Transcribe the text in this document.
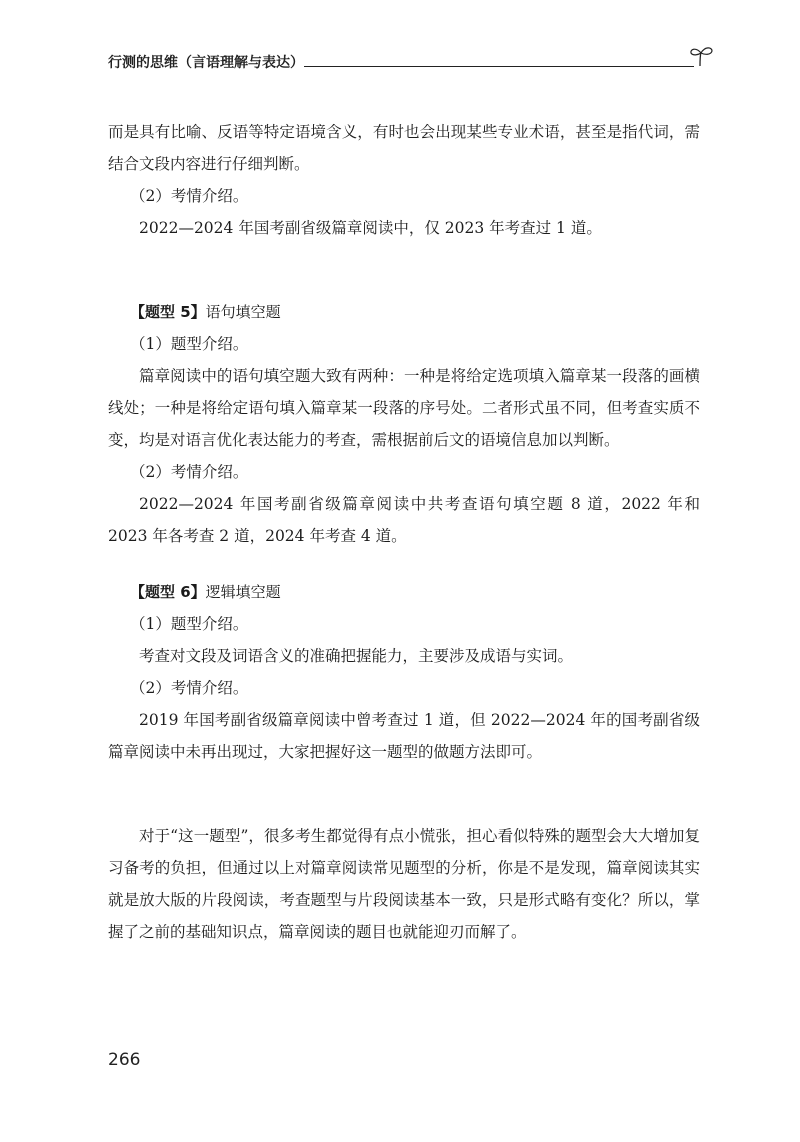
行测的思维（言语理解与表达）

而是具有比喻、反语等特定语境含义，有时也会出现某些专业术语，甚至是指代词，需结合文段内容进行仔细判断。

（2）考情介绍。

2022—2024 年国考副省级篇章阅读中，仅 2023 年考查过 1 道。

【题型 5】语句填空题

（1）题型介绍。

篇章阅读中的语句填空题大致有两种：一种是将给定选项填入篇章某一段落的画横线处；一种是将给定语句填入篇章某一段落的序号处。二者形式虽不同，但考查实质不变，均是对语言优化表达能力的考查，需根据前后文的语境信息加以判断。

（2）考情介绍。

2022—2024 年国考副省级篇章阅读中共考查语句填空题 8 道，2022 年和 2023 年各考查 2 道，2024 年考查 4 道。

【题型 6】逻辑填空题

（1）题型介绍。

考查对文段及词语含义的准确把握能力，主要涉及成语与实词。

（2）考情介绍。

2019 年国考副省级篇章阅读中曾考查过 1 道，但 2022—2024 年的国考副省级篇章阅读中未再出现过，大家把握好这一题型的做题方法即可。

对于“这一题型”，很多考生都觉得有点小慌张，担心看似特殊的题型会大大增加复习备考的负担，但通过以上对篇章阅读常见题型的分析，你是不是发现，篇章阅读其实就是放大版的片段阅读，考查题型与片段阅读基本一致，只是形式略有变化？所以，掌握了之前的基础知识点，篇章阅读的题目也就能迎刃而解了。

266
